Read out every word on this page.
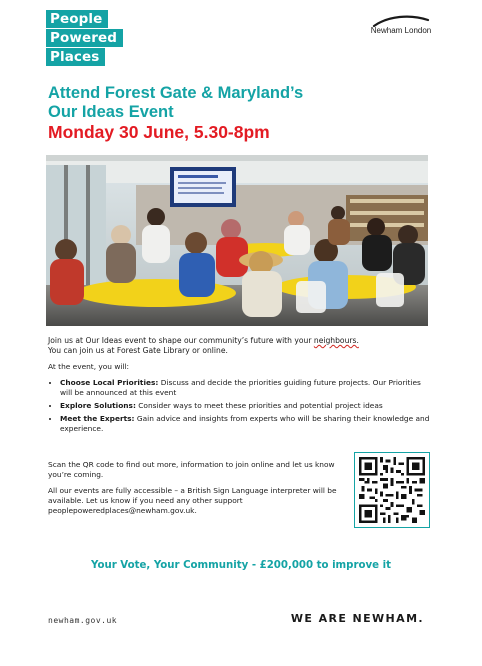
People
Powered
Places
Newham London
Attend Forest Gate & Maryland’s
Our Ideas Event
Monday 30 June, 5.30-8pm

Join us at Our Ideas event to shape our community’s future with your neighbours.
You can join us at Forest Gate Library or online.

At the event, you will:

• Choose Local Priorities: Discuss and decide the priorities guiding future projects. Our Priorities will be announced at this event
• Explore Solutions: Consider ways to meet these priorities and potential project ideas
• Meet the Experts: Gain advice and insights from experts who will be sharing their knowledge and experience.

Scan the QR code to find out more, information to join online and let us know you’re coming.

All our events are fully accessible – a British Sign Language interpreter will be available. Let us know if you need any other support
peoplepoweredplaces@newham.gov.uk.

Your Vote, Your Community - £200,000 to improve it
newham.gov.uk	WE ARE NEWHAM.
